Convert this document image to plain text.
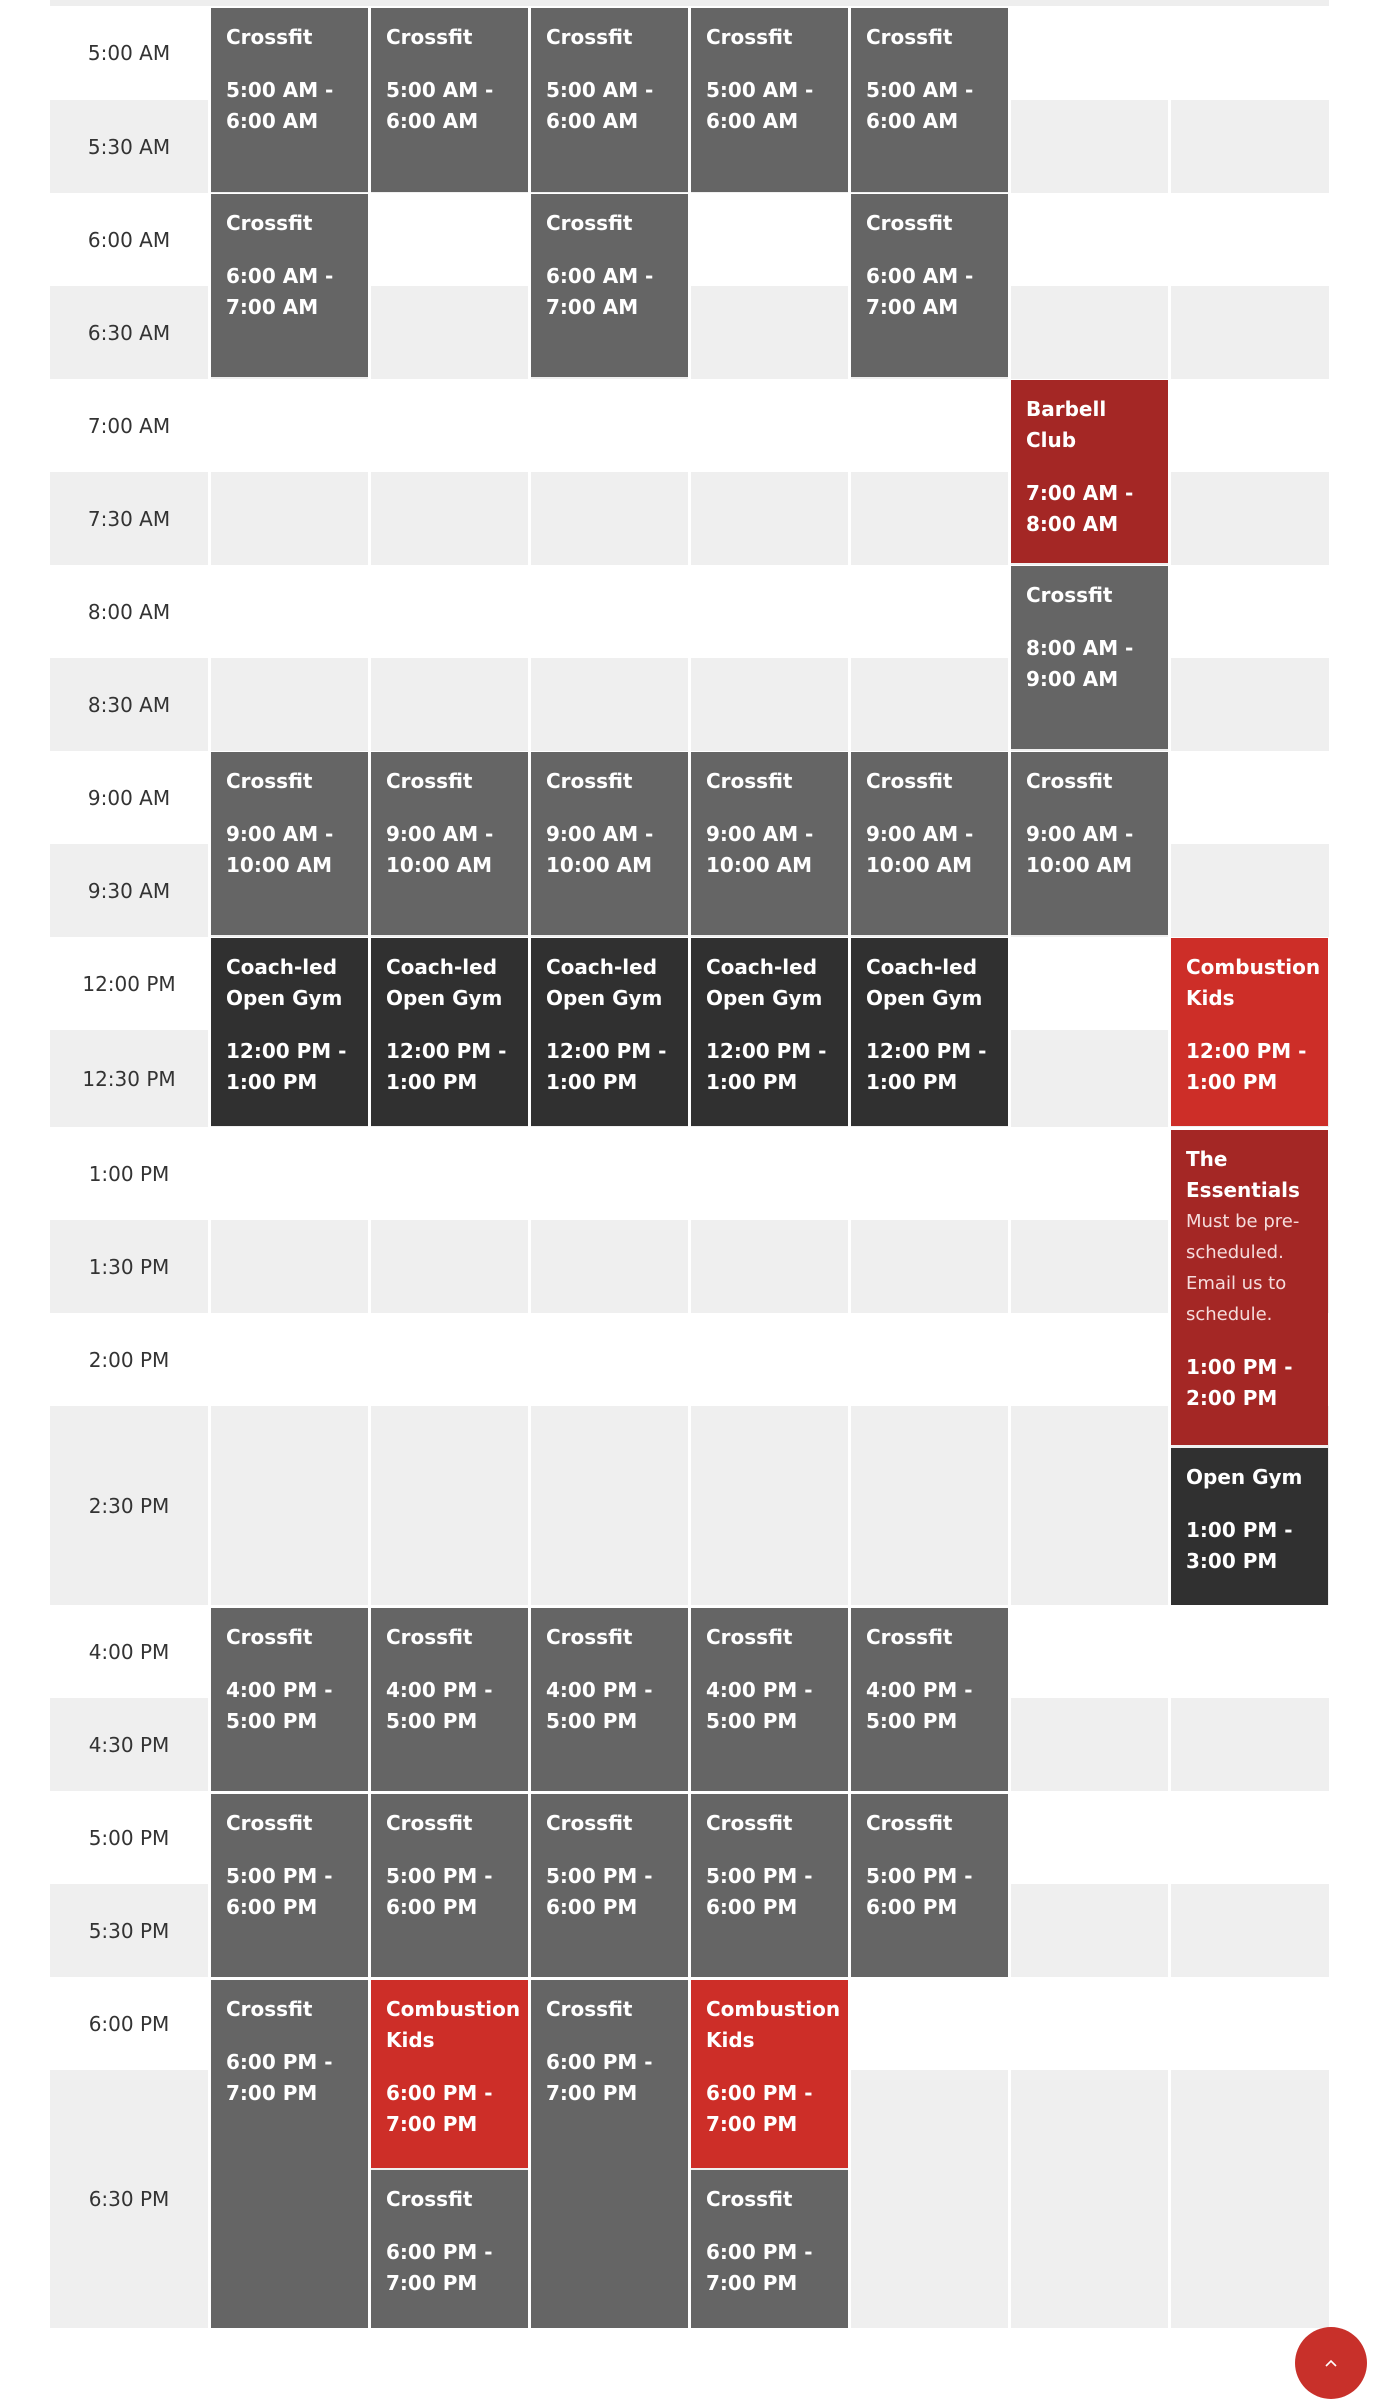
5:00 AM
5:30 AM
6:00 AM
6:30 AM
7:00 AM
7:30 AM
8:00 AM
8:30 AM
9:00 AM
9:30 AM
12:00 PM
12:30 PM
1:00 PM
1:30 PM
2:00 PM
2:30 PM
4:00 PM
4:30 PM
5:00 PM
5:30 PM
6:00 PM
6:30 PM
Crossfit
5:00 AM - 6:00 AM
Crossfit
5:00 AM - 6:00 AM
Crossfit
5:00 AM - 6:00 AM
Crossfit
5:00 AM - 6:00 AM
Crossfit
5:00 AM - 6:00 AM
Crossfit
6:00 AM - 7:00 AM
Crossfit
6:00 AM - 7:00 AM
Crossfit
6:00 AM - 7:00 AM
Barbell Club
7:00 AM - 8:00 AM
Crossfit
8:00 AM - 9:00 AM
Crossfit
9:00 AM - 10:00 AM
Crossfit
9:00 AM - 10:00 AM
Crossfit
9:00 AM - 10:00 AM
Crossfit
9:00 AM - 10:00 AM
Crossfit
9:00 AM - 10:00 AM
Crossfit
9:00 AM - 10:00 AM
Coach-led Open Gym
12:00 PM - 1:00 PM
Coach-led Open Gym
12:00 PM - 1:00 PM
Coach-led Open Gym
12:00 PM - 1:00 PM
Coach-led Open Gym
12:00 PM - 1:00 PM
Coach-led Open Gym
12:00 PM - 1:00 PM
Combustion Kids
12:00 PM - 1:00 PM
The Essentials
Must be pre-scheduled. Email us to schedule.
1:00 PM - 2:00 PM
Open Gym
1:00 PM - 3:00 PM
Crossfit
4:00 PM - 5:00 PM
Crossfit
4:00 PM - 5:00 PM
Crossfit
4:00 PM - 5:00 PM
Crossfit
4:00 PM - 5:00 PM
Crossfit
4:00 PM - 5:00 PM
Crossfit
5:00 PM - 6:00 PM
Crossfit
5:00 PM - 6:00 PM
Crossfit
5:00 PM - 6:00 PM
Crossfit
5:00 PM - 6:00 PM
Crossfit
5:00 PM - 6:00 PM
Crossfit
6:00 PM - 7:00 PM
Combustion Kids
6:00 PM - 7:00 PM
Crossfit
6:00 PM - 7:00 PM
Combustion Kids
6:00 PM - 7:00 PM
Crossfit
6:00 PM - 7:00 PM
Crossfit
6:00 PM - 7:00 PM
